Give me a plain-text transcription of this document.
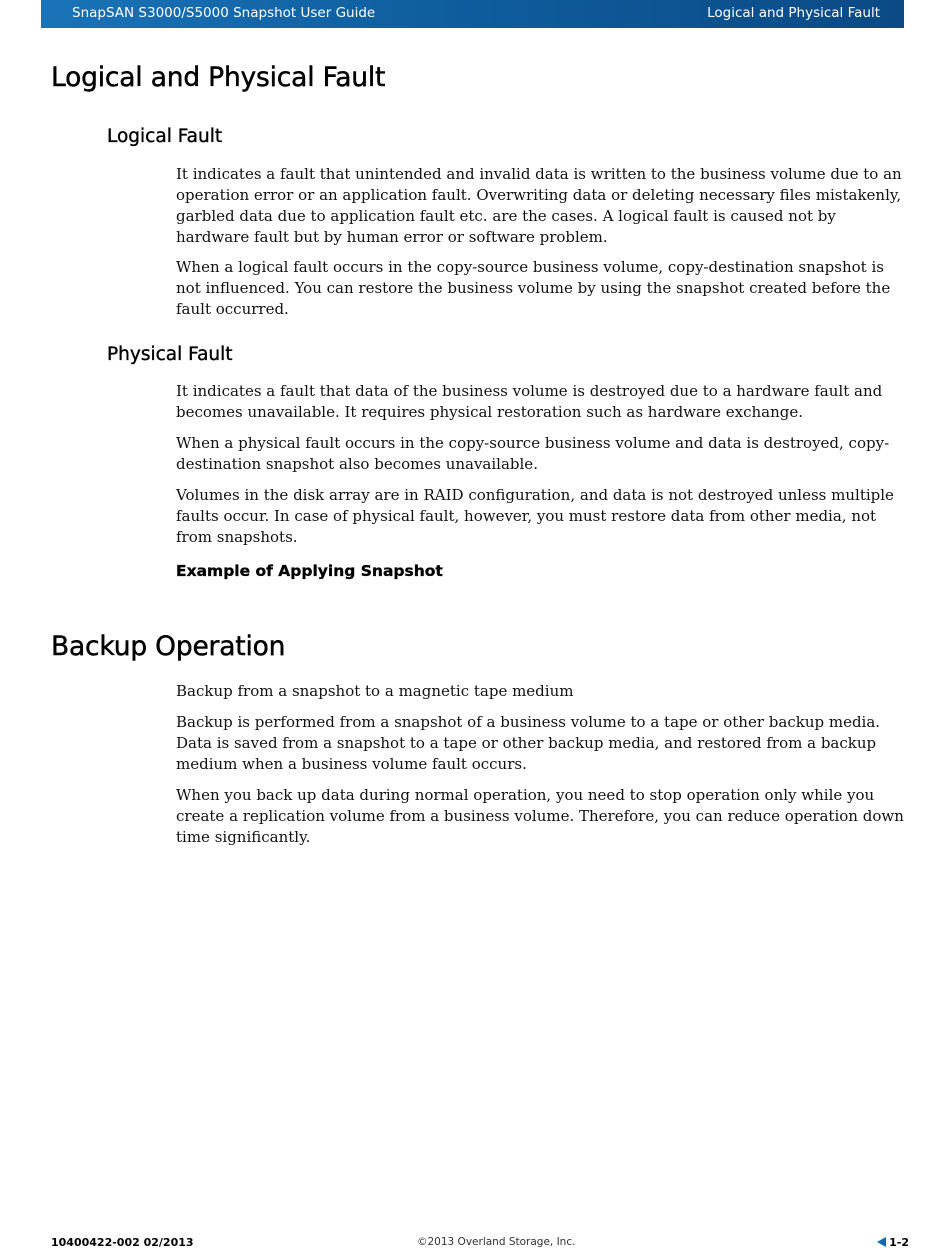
SnapSAN S3000/S5000 Snapshot User Guide	Logical and Physical Fault
Logical and Physical Fault
Logical Fault

It indicates a fault that unintended and invalid data is written to the business volume due to an operation error or an application fault. Overwriting data or deleting necessary files mistakenly, garbled data due to application fault etc. are the cases. A logical fault is caused not by hardware fault but by human error or software problem.

When a logical fault occurs in the copy-source business volume, copy-destination snapshot is not influenced. You can restore the business volume by using the snapshot created before the fault occurred.

Physical Fault

It indicates a fault that data of the business volume is destroyed due to a hardware fault and becomes unavailable. It requires physical restoration such as hardware exchange.

When a physical fault occurs in the copy-source business volume and data is destroyed, copy-destination snapshot also becomes unavailable.

Volumes in the disk array are in RAID configuration, and data is not destroyed unless multiple faults occur. In case of physical fault, however, you must restore data from other media, not from snapshots.

Example of Applying Snapshot
Backup Operation

Backup from a snapshot to a magnetic tape medium

Backup is performed from a snapshot of a business volume to a tape or other backup media. Data is saved from a snapshot to a tape or other backup media, and restored from a backup medium when a business volume fault occurs.

When you back up data during normal operation, you need to stop operation only while you create a replication volume from a business volume. Therefore, you can reduce operation down time significantly.

10400422-002 02/2013	©2013 Overland Storage, Inc.	1-2
